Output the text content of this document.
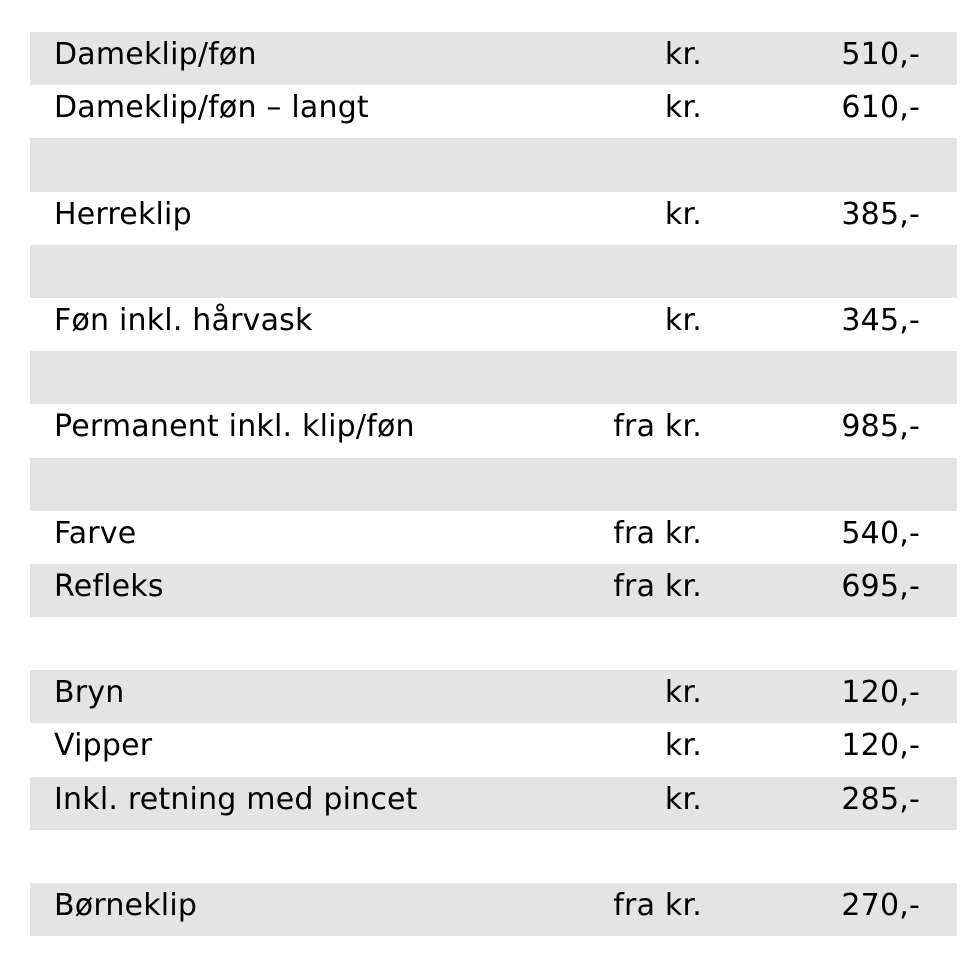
Dameklip/føn	kr.	510,-
Dameklip/føn – langt	kr.	610,-
Herreklip	kr.	385,-
Føn inkl. hårvask	kr.	345,-
Permanent inkl. klip/føn	fra kr.	985,-
Farve	fra kr.	540,-
Refleks	fra kr.	695,-
Bryn	kr.	120,-
Vipper	kr.	120,-
Inkl. retning med pincet	kr.	285,-
Børneklip	fra kr.	270,-
